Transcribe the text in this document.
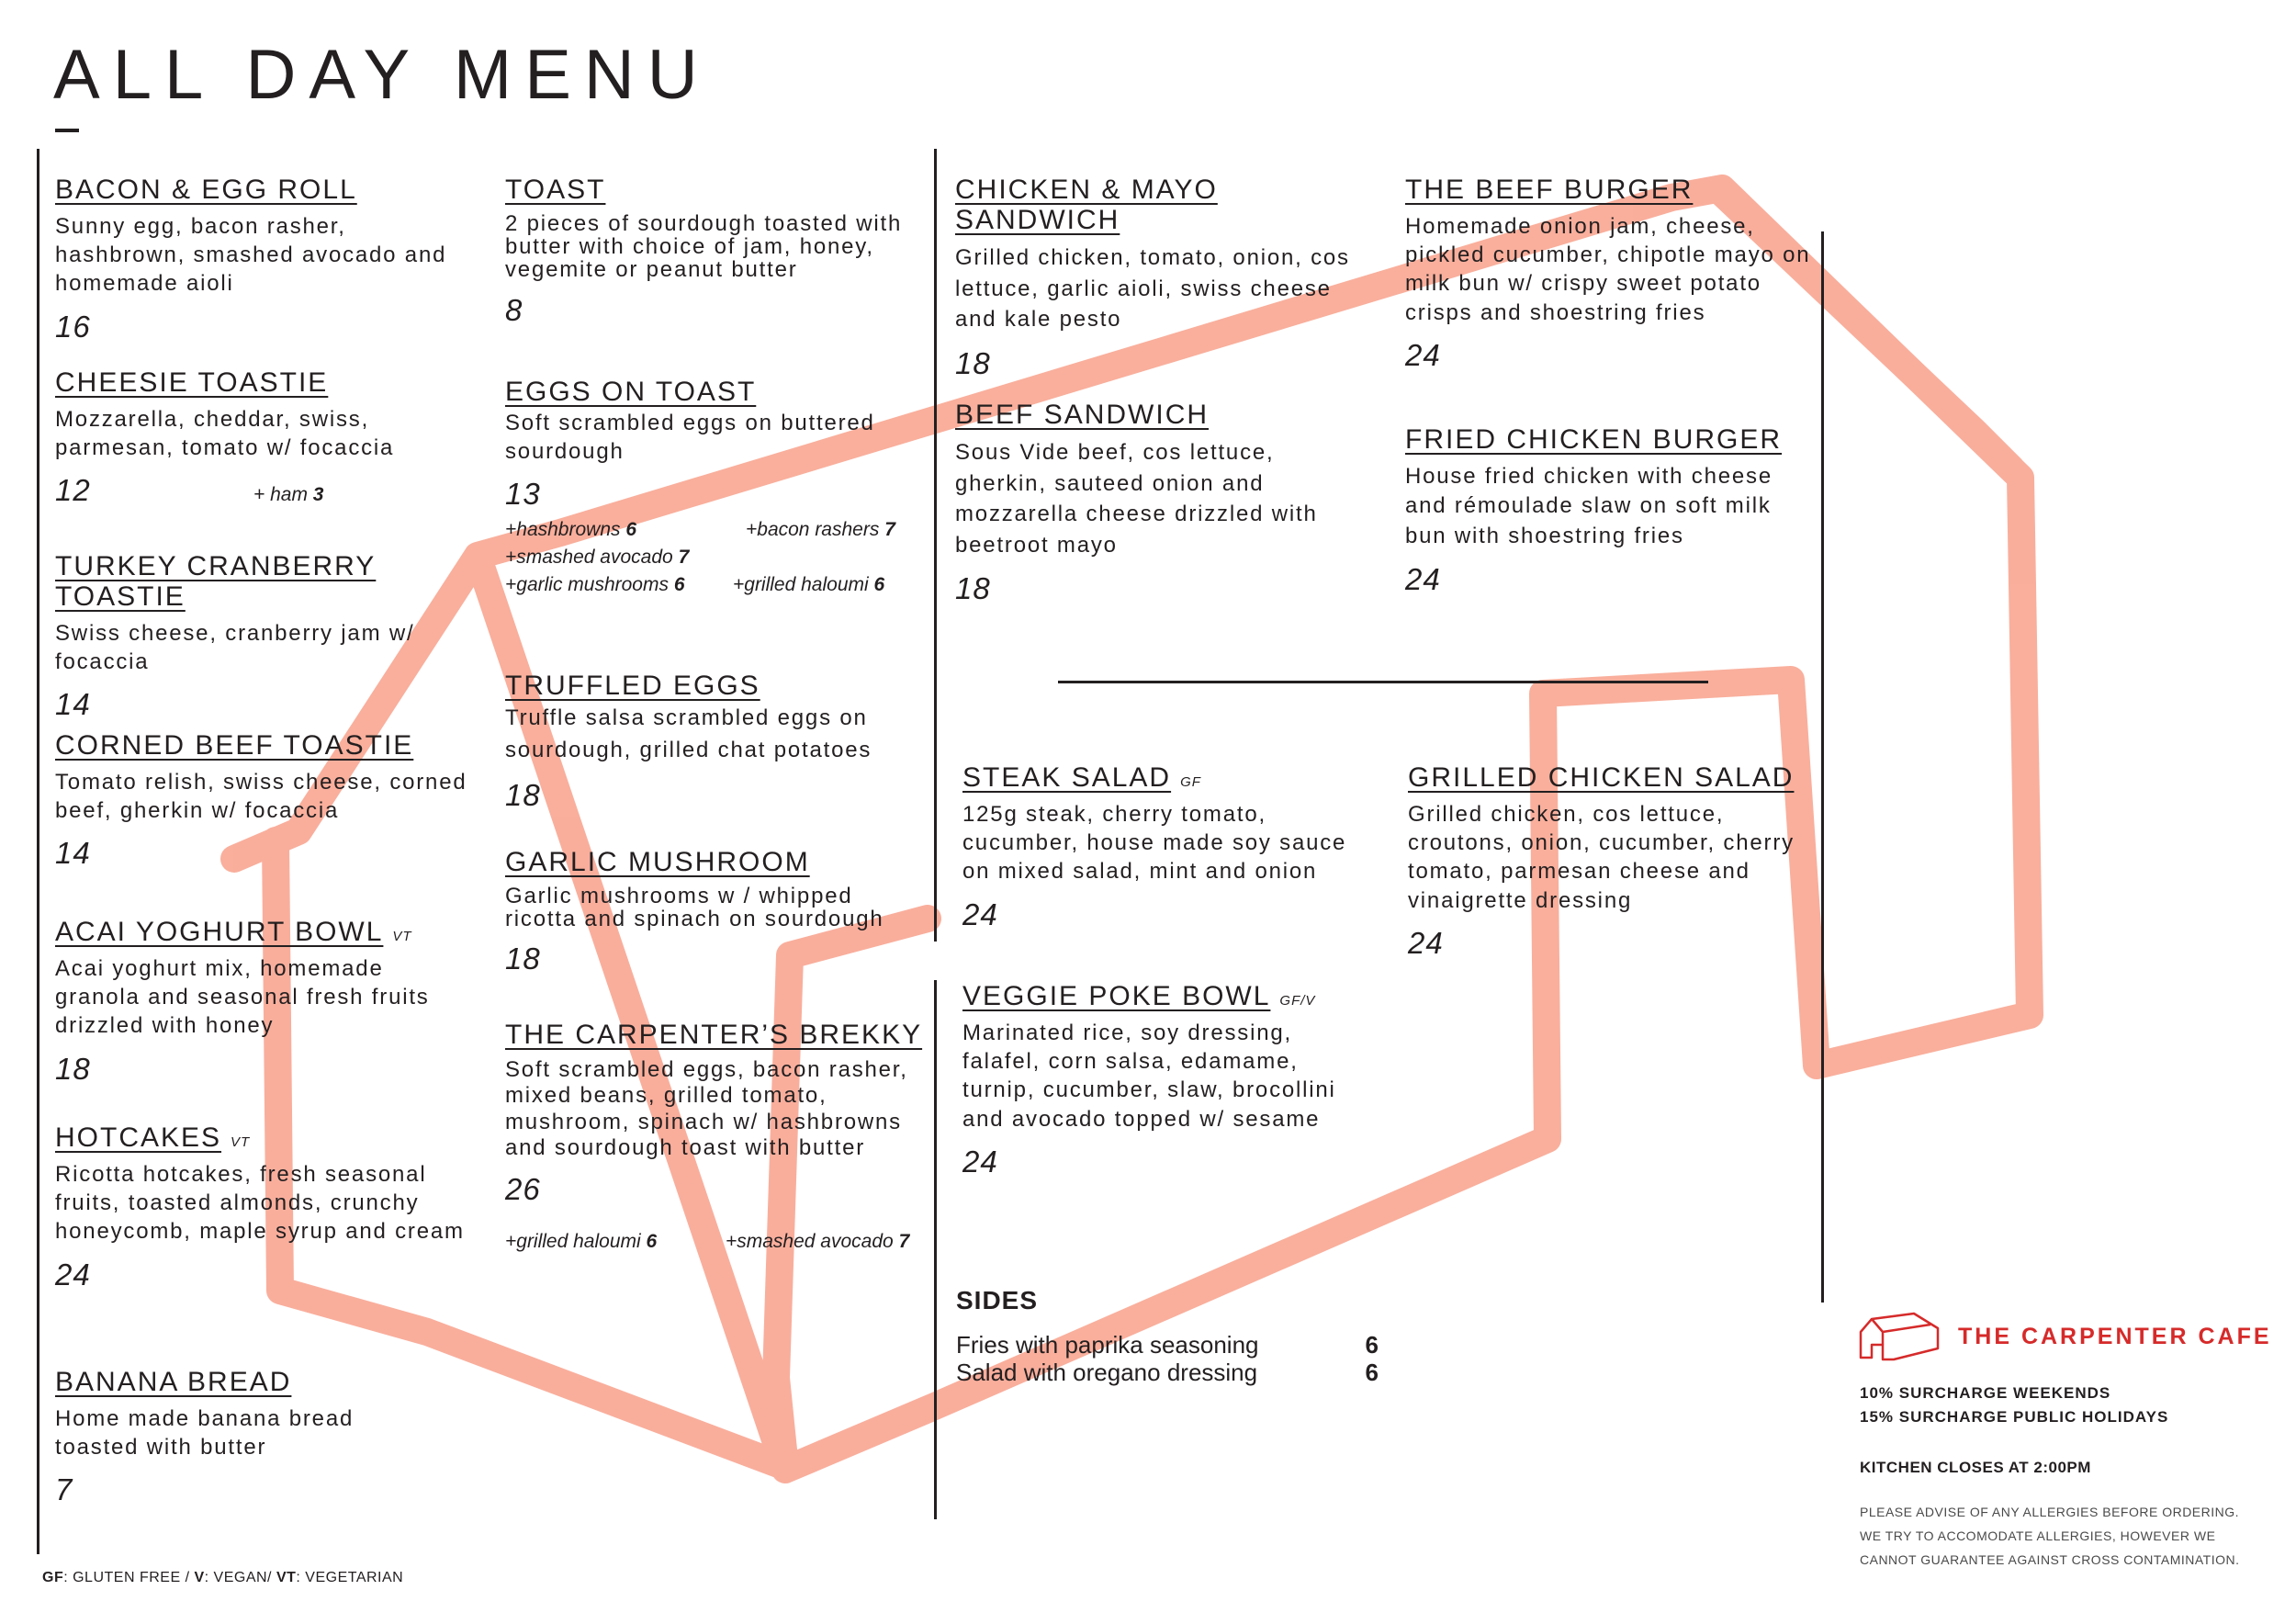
ALL DAY MENU
BACON & EGG ROLL
Sunny egg, bacon rasher, hashbrown, smashed avocado and homemade aioli
16
CHEESIE TOASTIE
Mozzarella, cheddar, swiss, parmesan, tomato w/ focaccia
12	+ ham 3
TURKEY CRANBERRY TOASTIE
Swiss cheese, cranberry jam w/ focaccia
14
CORNED BEEF TOASTIE
Tomato relish, swiss cheese, corned beef, gherkin w/ focaccia
14
ACAI YOGHURT BOWL VT
Acai yoghurt mix, homemade granola and seasonal fresh fruits drizzled with honey
18
HOTCAKES VT
Ricotta hotcakes, fresh seasonal fruits, toasted almonds, crunchy honeycomb, maple syrup and cream
24
BANANA BREAD
Home made banana bread toasted with butter
7
TOAST
2 pieces of sourdough toasted with butter with choice of jam, honey, vegemite or peanut butter
8
EGGS ON TOAST
Soft scrambled eggs on buttered sourdough
13
+hashbrowns 6	+bacon rashers 7
+smashed avocado 7
+garlic mushrooms 6	+grilled haloumi 6
TRUFFLED EGGS
Truffle salsa scrambled eggs on sourdough, grilled chat potatoes
18
GARLIC MUSHROOM
Garlic mushrooms w / whipped ricotta and spinach on sourdough
18
THE CARPENTER’S BREKKY
Soft scrambled eggs, bacon rasher, mixed beans, grilled tomato, mushroom, spinach w/ hashbrowns and sourdough toast with butter
26
+grilled haloumi 6	+smashed avocado 7
CHICKEN & MAYO SANDWICH
Grilled chicken, tomato, onion, cos lettuce, garlic aioli, swiss cheese and kale pesto
18
BEEF SANDWICH
Sous Vide beef, cos lettuce, gherkin, sauteed onion and mozzarella cheese drizzled with beetroot mayo
18
STEAK SALAD GF
125g steak, cherry tomato, cucumber, house made soy sauce on mixed salad, mint and onion
24
VEGGIE POKE BOWL GF/V
Marinated rice, soy dressing, falafel, corn salsa, edamame, turnip, cucumber, slaw, brocollini and avocado topped w/ sesame
24
THE BEEF BURGER
Homemade onion jam, cheese, pickled cucumber, chipotle mayo on milk bun w/ crispy sweet potato crisps and shoestring fries
24
FRIED CHICKEN BURGER
House fried chicken with cheese and rémoulade slaw on soft milk bun with shoestring fries
24
GRILLED CHICKEN SALAD
Grilled chicken, cos lettuce, croutons, onion, cucumber, cherry tomato, parmesan cheese and vinaigrette dressing
24
SIDES
Fries with paprika seasoning	6
Salad with oregano dressing	6
THE CARPENTER CAFE
10% SURCHARGE WEEKENDS
15% SURCHARGE PUBLIC HOLIDAYS
KITCHEN CLOSES AT 2:00PM
PLEASE ADVISE OF ANY ALLERGIES BEFORE ORDERING. WE TRY TO ACCOMODATE ALLERGIES, HOWEVER WE CANNOT GUARANTEE AGAINST CROSS CONTAMINATION.
GF: GLUTEN FREE / V: VEGAN/ VT: VEGETARIAN
